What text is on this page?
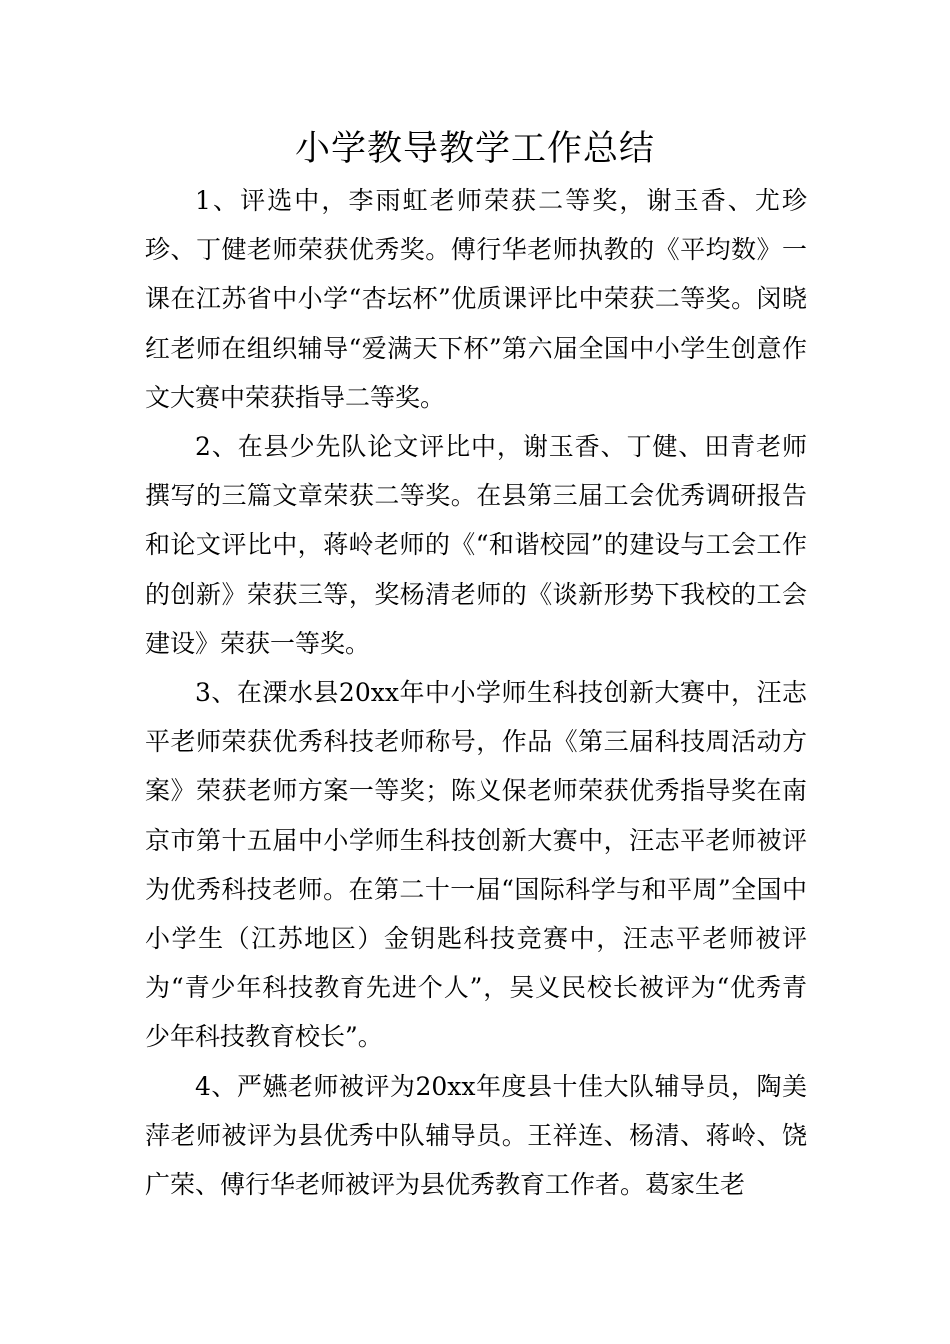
小学教导教学工作总结

1、评选中，李雨虹老师荣获二等奖，谢玉香、尤珍珍、丁健老师荣获优秀奖。傅行华老师执教的《平均数》一课在江苏省中小学“杏坛杯”优质课评比中荣获二等奖。闵晓红老师在组织辅导“爱满天下杯”第六届全国中小学生创意作文大赛中荣获指导二等奖。

2、在县少先队论文评比中，谢玉香、丁健、田青老师撰写的三篇文章荣获二等奖。在县第三届工会优秀调研报告和论文评比中，蒋岭老师的《“和谐校园”的建设与工会工作的创新》荣获三等，奖杨清老师的《谈新形势下我校的工会建设》荣获一等奖。

3、在溧水县20xx年中小学师生科技创新大赛中，汪志平老师荣获优秀科技老师称号，作品《第三届科技周活动方案》荣获老师方案一等奖；陈义保老师荣获优秀指导奖在南京市第十五届中小学师生科技创新大赛中，汪志平老师被评为优秀科技老师。在第二十一届“国际科学与和平周”全国中小学生（江苏地区）金钥匙科技竞赛中，汪志平老师被评为“青少年科技教育先进个人”，吴义民校长被评为“优秀青少年科技教育校长”。

4、严嬿老师被评为20xx年度县十佳大队辅导员，陶美萍老师被评为县优秀中队辅导员。王祥连、杨清、蒋岭、饶广荣、傅行华老师被评为县优秀教育工作者。葛家生老
